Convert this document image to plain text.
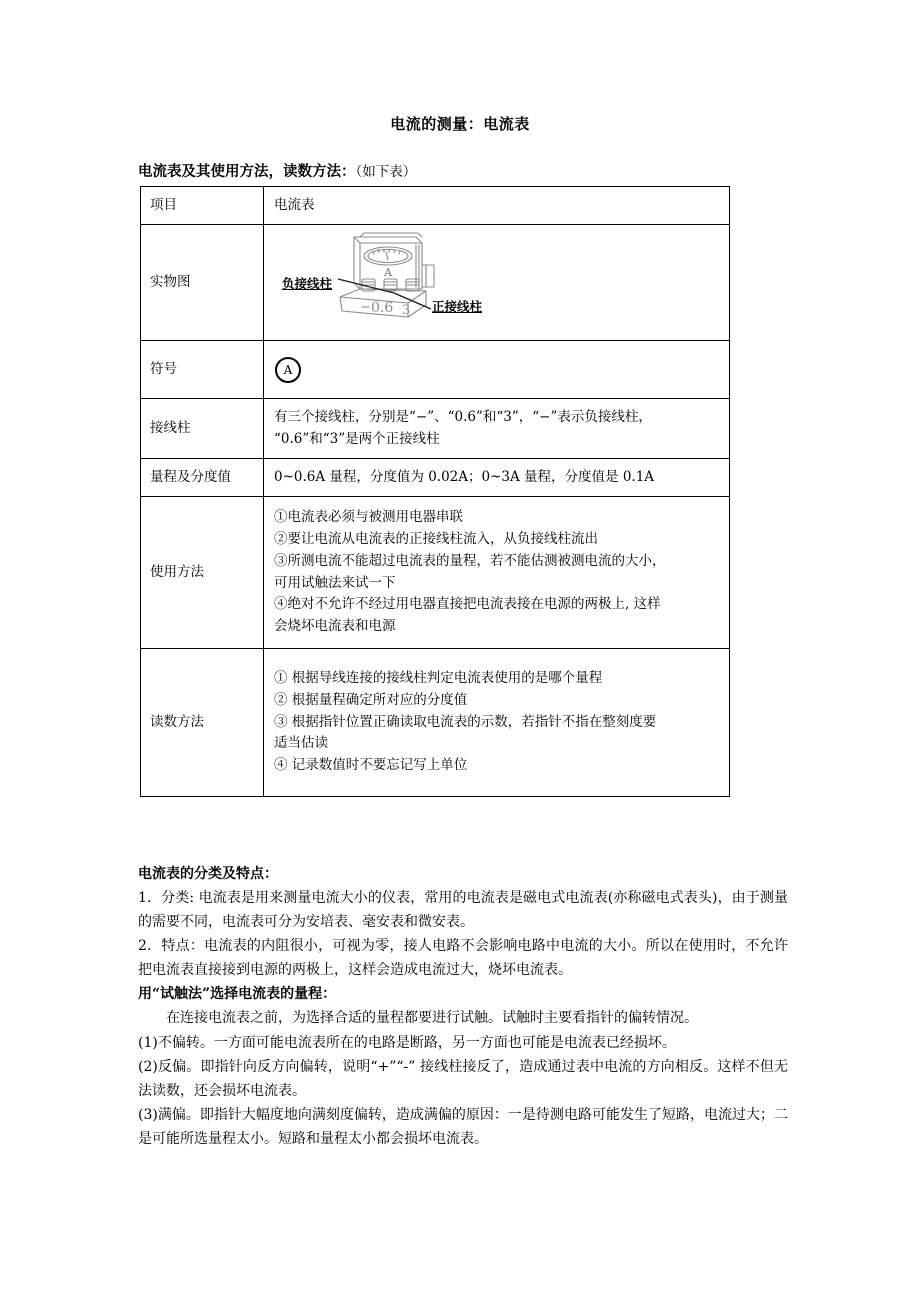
电流的测量：电流表
电流表及其使用方法，读数方法：（如下表）
项目	电流表
实物图	
A
− 0.6 3
负接线柱
正接线柱

符号	A

接线柱	有三个接线柱，分别是“−”、“0.6”和“3”，“−”表示负接线柱，

“0.6”和“3”是两个正接线柱

量程及分度值	0~0.6A 量程，分度值为 0.02A；0~3A 量程，分度值是 0.1A
使用方法	

①电流表必须与被测用电器串联

②要让电流从电流表的正接线柱流入，从负接线柱流出

③所测电流不能超过电流表的量程，若不能估测被测电流的大小，

可用试触法来试一下

④绝对不允许不经过用电器直接把电流表接在电源的两极上, 这样

会烧坏电流表和电源

读数方法	① 根据导线连接的接线柱判定电流表使用的是哪个量程

② 根据量程确定所对应的分度值

③ 根据指针位置正确读取电流表的示数，若指针不指在整刻度要

适当估读

④ 记录数值时不要忘记写上单位

电流表的分类及特点：

1．分类: 电流表是用来测量电流大小的仪表，常用的电流表是磁电式电流表(亦称磁电式表头)，由于测量的需要不同，电流表可分为安培表、毫安表和微安表。

2．特点：电流表的内阻很小，可视为零，接人电路不会影响电路中电流的大小。所以在使用时，不允许把电流表直接接到电源的两极上，这样会造成电流过大，烧坏电流表。

用“试触法”选择电流表的量程：

在连接电流表之前，为选择合适的量程都要进行试触。试触时主要看指针的偏转情况。

(1)不偏转。一方面可能电流表所在的电路是断路，另一方面也可能是电流表已经损坏。

(2)反偏。即指针向反方向偏转，说明“+”“-” 接线柱接反了，造成通过表中电流的方向相反。这样不但无法读数，还会损坏电流表。

(3)满偏。即指针大幅度地向满刻度偏转，造成满偏的原因：一是待测电路可能发生了短路，电流过大；二是可能所选量程太小。短路和量程太小都会损坏电流表。
